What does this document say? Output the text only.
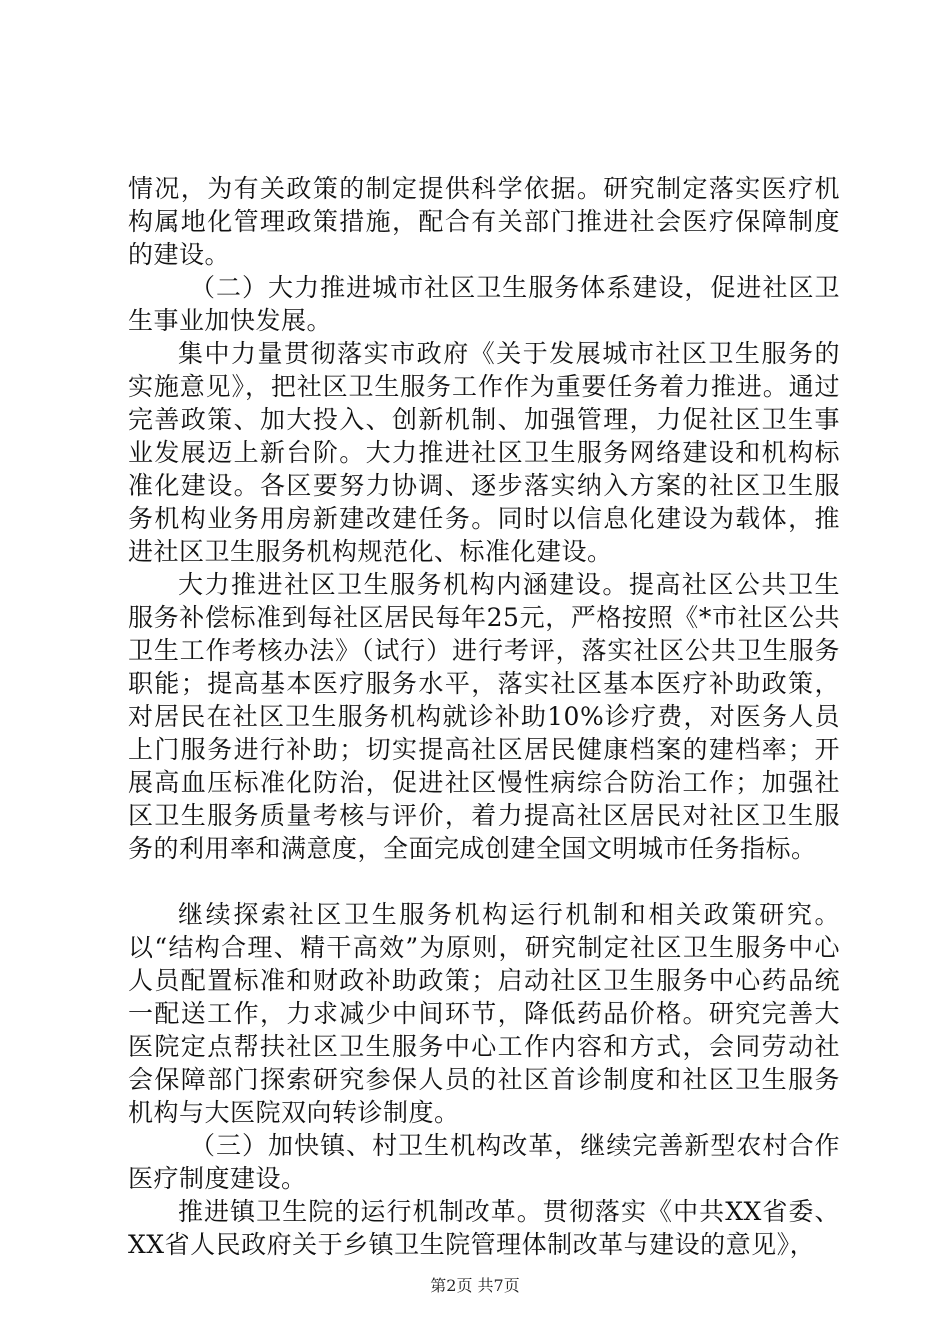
情况，为有关政策的制定提供科学依据。研究制定落实医疗机构属地化管理政策措施，配合有关部门推进社会医疗保障制度的建设。

（二）大力推进城市社区卫生服务体系建设，促进社区卫生事业加快发展。

集中力量贯彻落实市政府《关于发展城市社区卫生服务的实施意见》，把社区卫生服务工作作为重要任务着力推进。通过完善政策、加大投入、创新机制、加强管理，力促社区卫生事业发展迈上新台阶。大力推进社区卫生服务网络建设和机构标准化建设。各区要努力协调、逐步落实纳入方案的社区卫生服务机构业务用房新建改建任务。同时以信息化建设为载体，推进社区卫生服务机构规范化、标准化建设。

大力推进社区卫生服务机构内涵建设。提高社区公共卫生服务补偿标准到每社区居民每年25元，严格按照《*市社区公共卫生工作考核办法》（试行）进行考评，落实社区公共卫生服务职能；提高基本医疗服务水平，落实社区基本医疗补助政策，对居民在社区卫生服务机构就诊补助10%诊疗费，对医务人员上门服务进行补助；切实提高社区居民健康档案的建档率；开展高血压标准化防治，促进社区慢性病综合防治工作；加强社区卫生服务质量考核与评价，着力提高社区居民对社区卫生服务的利用率和满意度，全面完成创建全国文明城市任务指标。

继续探索社区卫生服务机构运行机制和相关政策研究。以“结构合理、精干高效”为原则，研究制定社区卫生服务中心人员配置标准和财政补助政策；启动社区卫生服务中心药品统一配送工作，力求减少中间环节，降低药品价格。研究完善大医院定点帮扶社区卫生服务中心工作内容和方式，会同劳动社会保障部门探索研究参保人员的社区首诊制度和社区卫生服务机构与大医院双向转诊制度。

（三）加快镇、村卫生机构改革，继续完善新型农村合作医疗制度建设。

推进镇卫生院的运行机制改革。贯彻落实《中共XX省委、XX省人民政府关于乡镇卫生院管理体制改革与建设的意见》，

第2页 共7页
